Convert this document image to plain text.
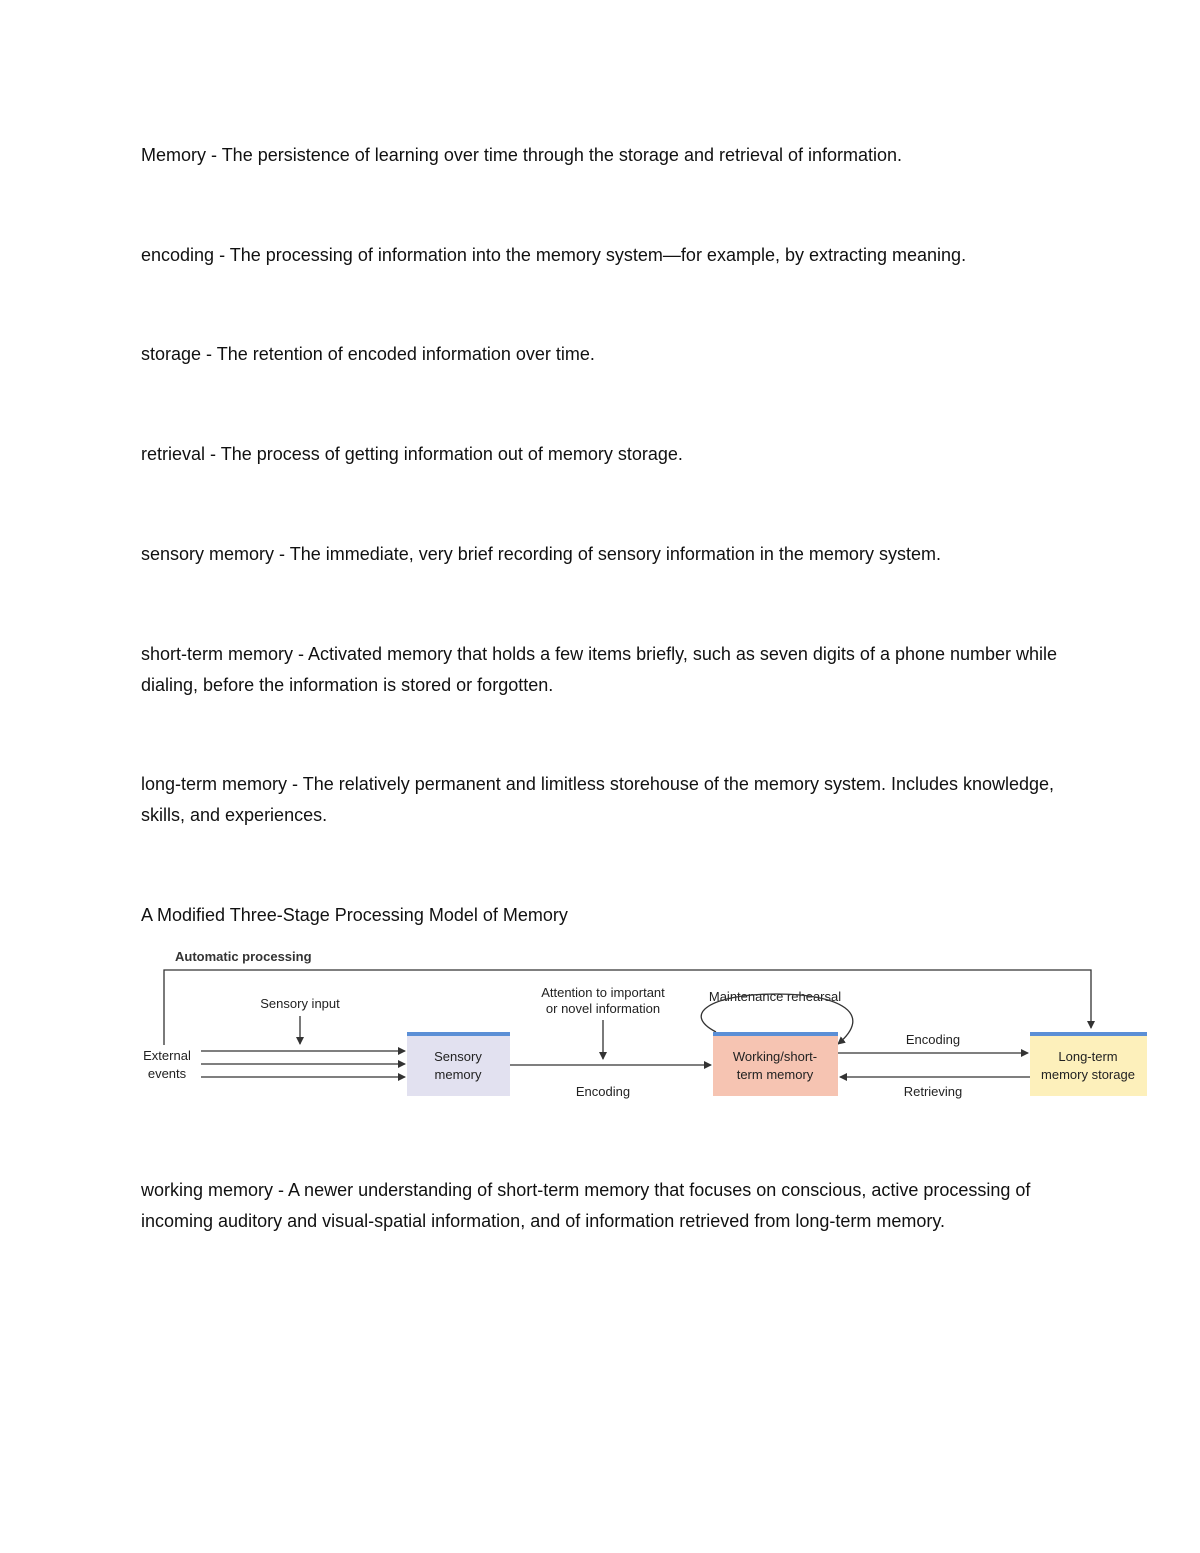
Memory - The persistence of learning over time through the storage and retrieval of information.

encoding - The processing of information into the memory system—for example, by extracting meaning.

storage - The retention of encoded information over time.

retrieval - The process of getting information out of memory storage.

sensory memory - The immediate, very brief recording of sensory information in the memory system.

short-term memory - Activated memory that holds a few items briefly, such as seven digits of a phone number while dialing, before the information is stored or forgotten.

long-term memory - The relatively permanent and limitless storehouse of the memory system. Includes knowledge, skills, and experiences.

A Modified Three-Stage Processing Model of Memory

Automatic processing
External
events
Sensory input
Sensory
memory
Attention to important
or novel information
Encoding
Maintenance rehearsal
Working/short-
term memory
Encoding
Retrieving
Long-term
memory storage

working memory - A newer understanding of short-term memory that focuses on conscious, active processing of incoming auditory and visual-spatial information, and of information retrieved from long-term memory.
